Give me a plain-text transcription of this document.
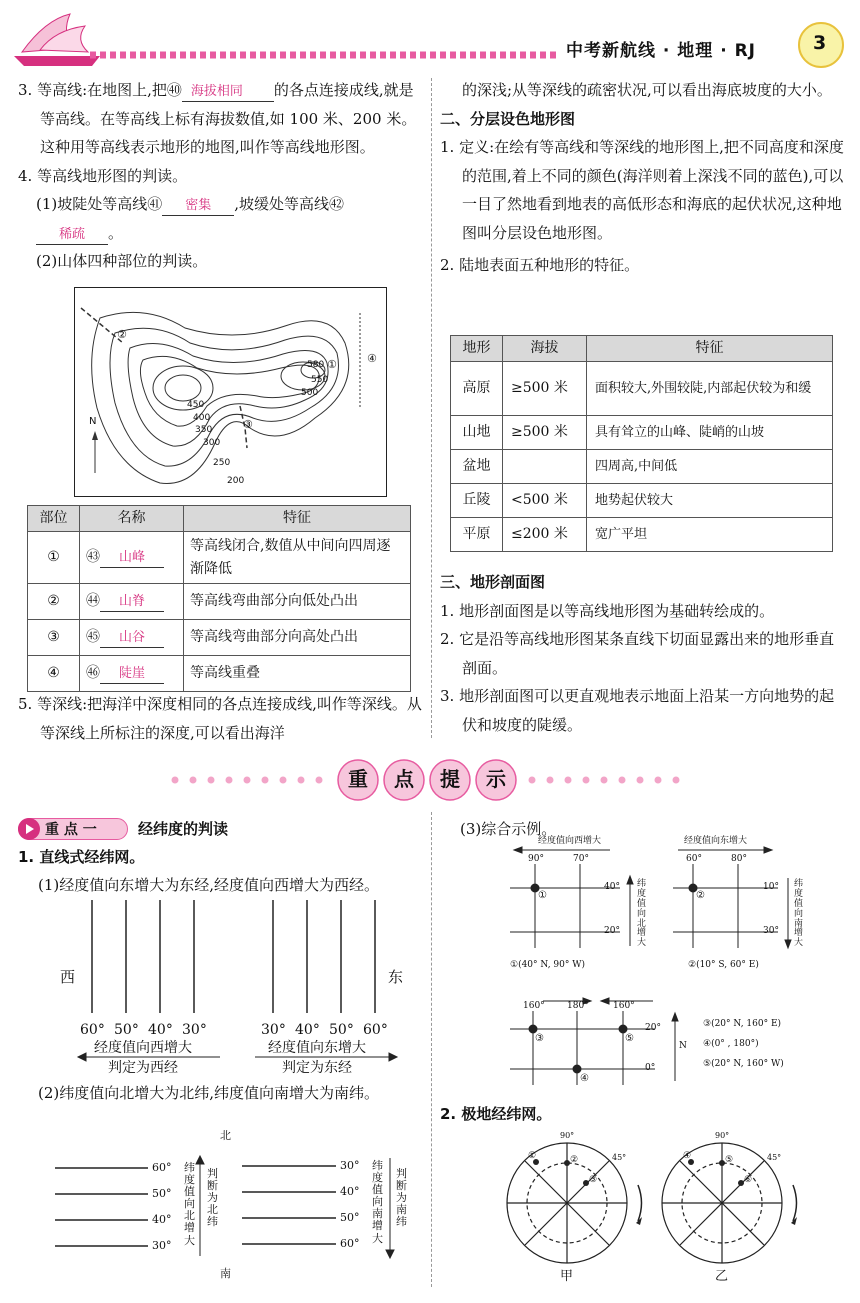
中考新航线 · 地理 · RJ	3

3. 等高线:在地图上,把㊵ 海拔相同 的各点连接成线,就是等高线。在等高线上标有海拔数值,如 100 米、200 米。这种用等高线表示地形的地图,叫作等高线地形图。

4. 等高线地形图的判读。

(1)坡陡处等高线㊶ 密集 ,坡缓处等高线㊷
稀疏 。

(2)山体四种部位的判读。

N
①
②
③
④
580
550
500
450
400
350
300
250
200
部位	名称	特征
①	㊸ 山峰	等高线闭合,数值从中间向四周逐渐降低
②	㊹ 山脊	等高线弯曲部分向低处凸出
③	㊺ 山谷	等高线弯曲部分向高处凸出
④	㊻ 陡崖	等高线重叠

5. 等深线:把海洋中深度相同的各点连接成线,叫作等深线。从等深线上所标注的深度,可以看出海洋

的深浅;从等深线的疏密状况,可以看出海底坡度的大小。

二、分层设色地形图

1. 定义:在绘有等高线和等深线的地形图上,把不同高度和深度的范围,着上不同的颜色(海洋则着上深浅不同的蓝色),可以一目了然地看到地表的高低形态和海底的起伏状况,这种地图叫分层设色地形图。

2. 陆地表面五种地形的特征。

地形	海拔	特征
高原	≥500 米	面积较大,外围较陡,内部起伏较为和缓
山地	≥500 米	具有耸立的山峰、陡峭的山坡
盆地		四周高,中间低
丘陵	<500 米	地势起伏较大
平原	≤200 米	宽广平坦

三、地形剖面图

1. 地形剖面图是以等高线地形图为基础转绘成的。

2. 它是沿等高线地形图某条直线下切面显露出来的地形垂直剖面。

3. 地形剖面图可以更直观地表示地面上沿某一方向地势的起伏和坡度的陡缓。

重 点 提 示
重 点 一	经纬度的判读

1. 直线式经纬网。

(1)经度值向东增大为东经,经度值向西增大为西经。

西	东
60° 50° 40° 30°	30° 40° 50° 60°
经度值向西增大
判定为西经
经度值向东增大
判定为东经

(2)纬度值向北增大为北纬,纬度值向南增大为南纬。

北
南
60°
50°
40°
30°
30°
40°
50°
60°
纬度值向北增大
判断为北纬
纬度值向南增大
判断为南纬

(3)综合示例。

经度值向西增大
90°	70°
40°
20°
①
纬度值向北增大
①(40° N, 90° W)
经度值向东增大
60°	80°
10°
30°
②
纬度值向南增大
②(10° S, 60° E)
160° 180°	160°
20°
0°
N
③
④
⑤
③(20° N, 160° E)
④(0° , 180°)
⑤(20° N, 160° W)

2. 极地经纬网。

90°
45°
90°
45°
①	②
③
④	⑤
⑥
甲	乙
